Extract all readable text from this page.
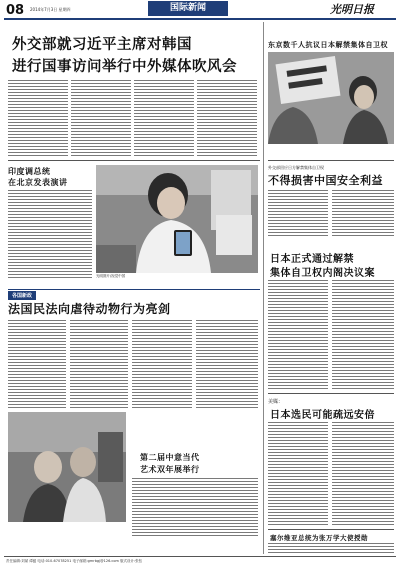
08 2014年7月3日 星期四	国际新闻	光明日报
外交部就习近平主席对韩国
进行国事访问举行中外媒体吹风会
印度调总统
在北京发表演讲
光明图片/视觉中国
各国新政
法国民法向虐待动物行为亮剑
第二届中意当代
艺术双年展举行
东京数千人抗议日本解禁集体自卫权
外交部回应日方解禁集体自卫权
不得损害中国安全利益
日本正式通过解禁
集体自卫权内阁决议案
美媒：
日本选民可能疏远安倍
塞尔维亚总统为张万学大使授勋
责任编辑:刘斌 谭蕴 电话:010-67078251 电子邮箱:gmrbgj@126.com 版式设计:张钰
